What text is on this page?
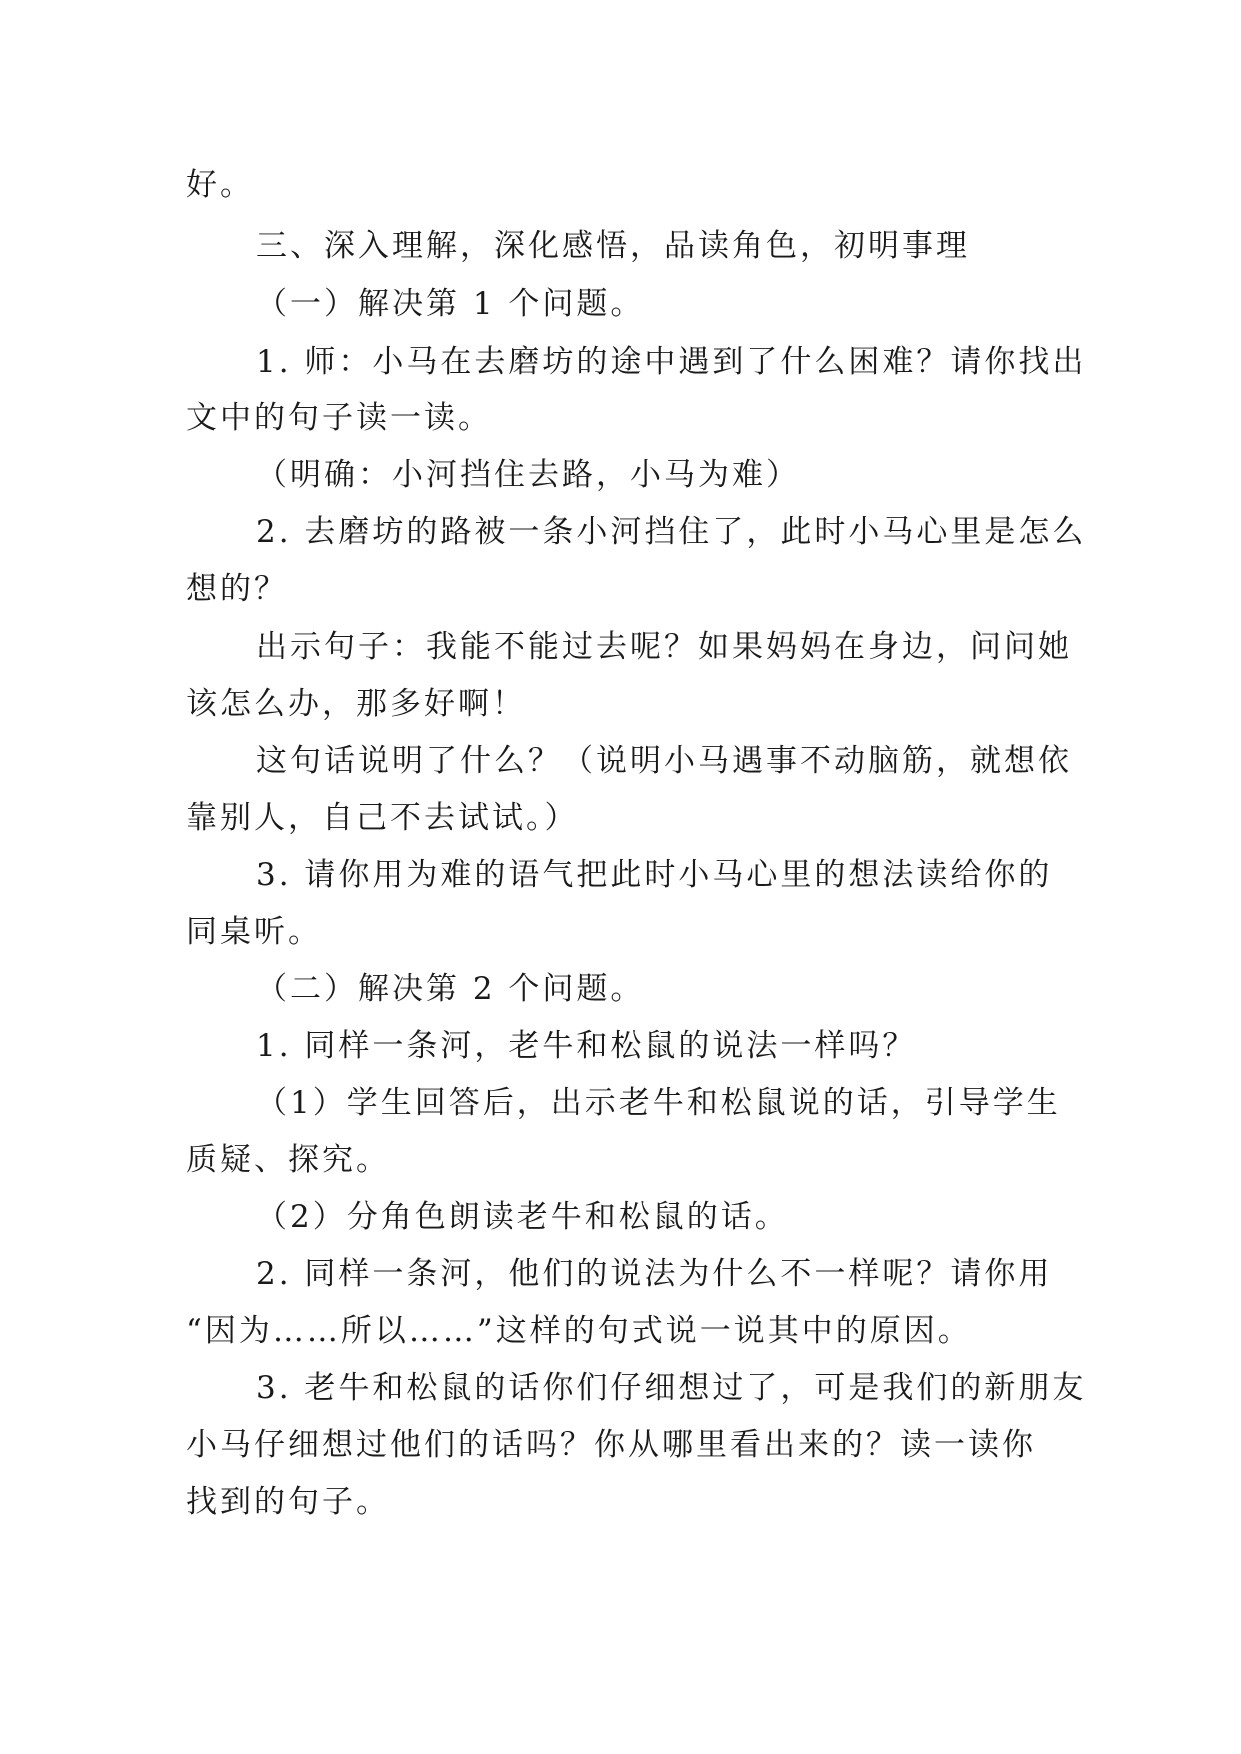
好。
三、深入理解，深化感悟，品读角色，初明事理
（一）解决第 1 个问题。
1. 师：小马在去磨坊的途中遇到了什么困难？请你找出
文中的句子读一读。
（明确：小河挡住去路，小马为难）
2. 去磨坊的路被一条小河挡住了，此时小马心里是怎么
想的？
出示句子：我能不能过去呢？如果妈妈在身边，问问她
该怎么办，那多好啊！
这句话说明了什么？（说明小马遇事不动脑筋，就想依
靠别人，自己不去试试。）
3. 请你用为难的语气把此时小马心里的想法读给你的
同桌听。
（二）解决第 2 个问题。
1. 同样一条河，老牛和松鼠的说法一样吗？
（1）学生回答后，出示老牛和松鼠说的话，引导学生
质疑、探究。
（2）分角色朗读老牛和松鼠的话。
2. 同样一条河，他们的说法为什么不一样呢？请你用
“因为……所以……”这样的句式说一说其中的原因。
3. 老牛和松鼠的话你们仔细想过了，可是我们的新朋友
小马仔细想过他们的话吗？你从哪里看出来的？读一读你
找到的句子。
